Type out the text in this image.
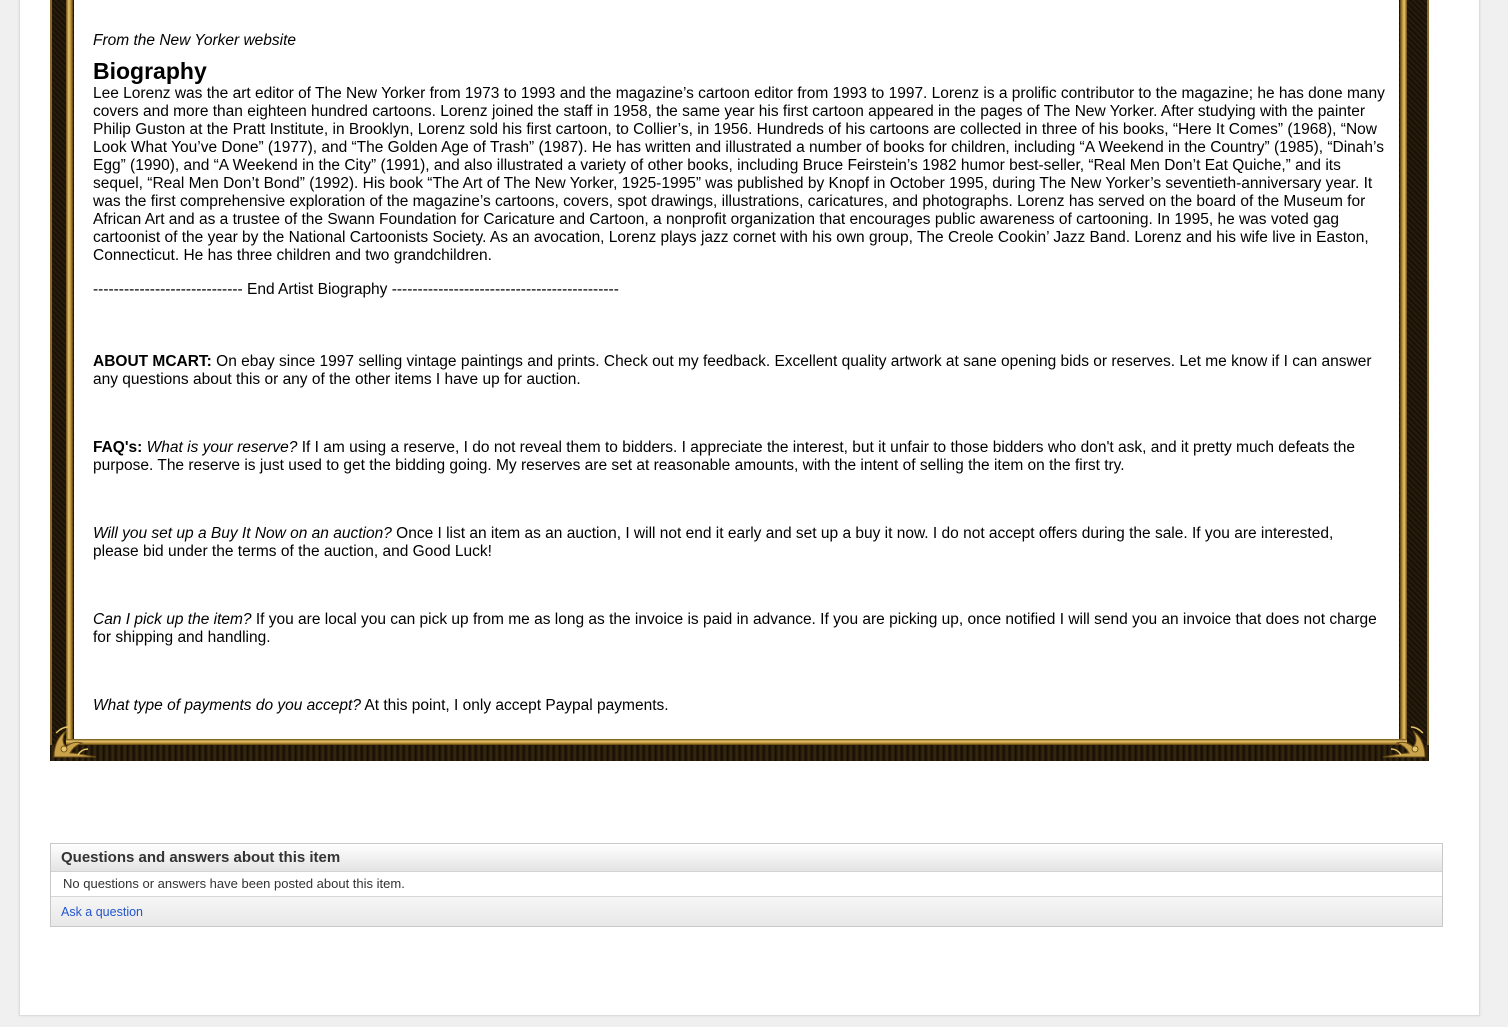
From the New Yorker website
Biography

Lee Lorenz was the art editor of The New Yorker from 1973 to 1993 and the magazine’s cartoon editor from 1993 to 1997. Lorenz is a prolific contributor to the magazine; he has done many covers and more than eighteen hundred cartoons. Lorenz joined the staff in 1958, the same year his first cartoon appeared in the pages of The New Yorker. After studying with the painter Philip Guston at the Pratt Institute, in Brooklyn, Lorenz sold his first cartoon, to Collier’s, in 1956. Hundreds of his cartoons are collected in three of his books, “Here It Comes” (1968), “Now Look What You’ve Done” (1977), and “The Golden Age of Trash” (1987). He has written and illustrated a number of books for children, including “A Weekend in the Country” (1985), “Dinah’s Egg” (1990), and “A Weekend in the City” (1991), and also illustrated a variety of other books, including Bruce Feirstein’s 1982 humor best-seller, “Real Men Don’t Eat Quiche,” and its sequel, “Real Men Don’t Bond” (1992). His book “The Art of The New Yorker, 1925-1995” was published by Knopf in October 1995, during The New Yorker’s seventieth-anniversary year. It was the first comprehensive exploration of the magazine’s cartoons, covers, spot drawings, illustrations, caricatures, and photographs. Lorenz has served on the board of the Museum for African Art and as a trustee of the Swann Foundation for Caricature and Cartoon, a nonprofit organization that encourages public awareness of cartooning. In 1995, he was voted gag cartoonist of the year by the National Cartoonists Society. As an avocation, Lorenz plays jazz cornet with his own group, The Creole Cookin’ Jazz Band. Lorenz and his wife live in Easton, Connecticut. He has three children and two grandchildren.

----------------------------- End Artist Biography --------------------------------------------

ABOUT MCART: On ebay since 1997 selling vintage paintings and prints. Check out my feedback. Excellent quality artwork at sane opening bids or reserves. Let me know if I can answer any questions about this or any of the other items I have up for auction.

FAQ's: What is your reserve? If I am using a reserve, I do not reveal them to bidders. I appreciate the interest, but it unfair to those bidders who don't ask, and it pretty much defeats the purpose. The reserve is just used to get the bidding going. My reserves are set at reasonable amounts, with the intent of selling the item on the first try.

Will you set up a Buy It Now on an auction? Once I list an item as an auction, I will not end it early and set up a buy it now. I do not accept offers during the sale. If you are interested, please bid under the terms of the auction, and Good Luck!

Can I pick up the item? If you are local you can pick up from me as long as the invoice is paid in advance. If you are picking up, once notified I will send you an invoice that does not charge for shipping and handling.

What type of payments do you accept? At this point, I only accept Paypal payments.

Questions and answers about this item
No questions or answers have been posted about this item.
Ask a question
